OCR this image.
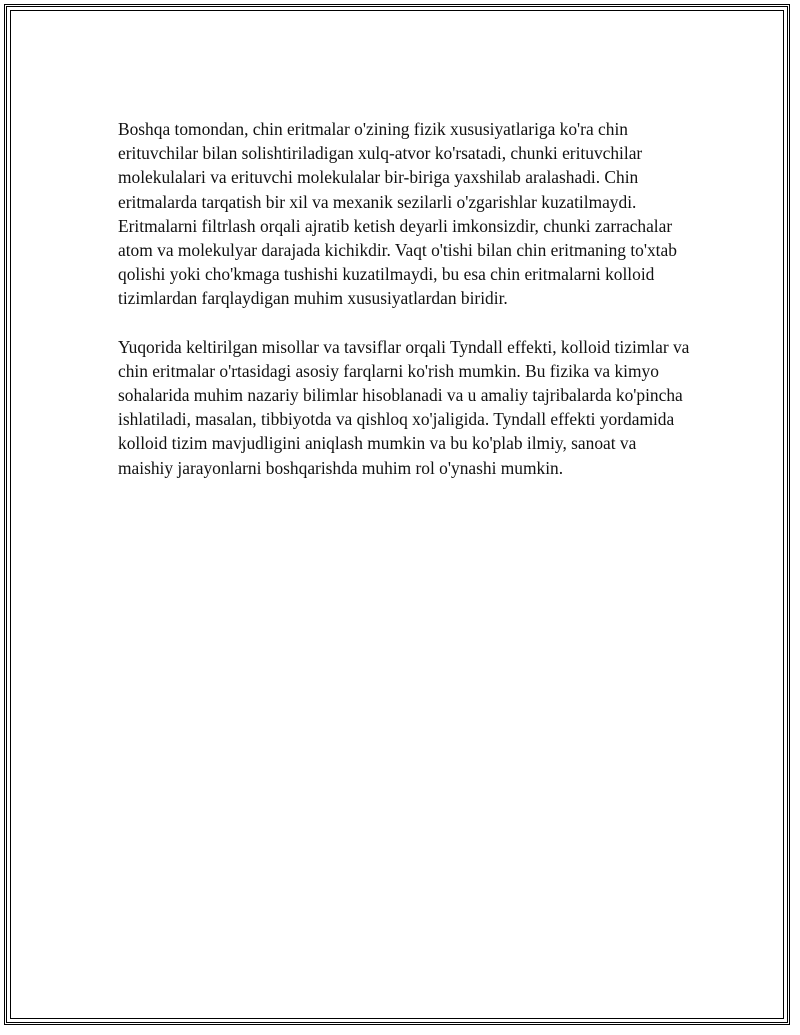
Boshqa tomondan, chin eritmalar o'zining fizik xususiyatlariga ko'ra chin erituvchilar bilan solishtiriladigan xulq-atvor ko'rsatadi, chunki erituvchilar molekulalari va erituvchi molekulalar bir-biriga yaxshilab aralashadi. Chin eritmalarda tarqatish bir xil va mexanik sezilarli o'zgarishlar kuzatilmaydi. Eritmalarni filtrlash orqali ajratib ketish deyarli imkonsizdir, chunki zarrachalar atom va molekulyar darajada kichikdir. Vaqt o'tishi bilan chin eritmaning to'xtab qolishi yoki cho'kmaga tushishi kuzatilmaydi, bu esa chin eritmalarni kolloid tizimlardan farqlaydigan muhim xususiyatlardan biridir.

Yuqorida keltirilgan misollar va tavsiflar orqali Tyndall effekti, kolloid tizimlar va chin eritmalar o'rtasidagi asosiy farqlarni ko'rish mumkin. Bu fizika va kimyo sohalarida muhim nazariy bilimlar hisoblanadi va u amaliy tajribalarda ko'pincha ishlatiladi, masalan, tibbiyotda va qishloq xo'jaligida. Tyndall effekti yordamida kolloid tizim mavjudligini aniqlash mumkin va bu ko'plab ilmiy, sanoat va maishiy jarayonlarni boshqarishda muhim rol o'ynashi mumkin.
